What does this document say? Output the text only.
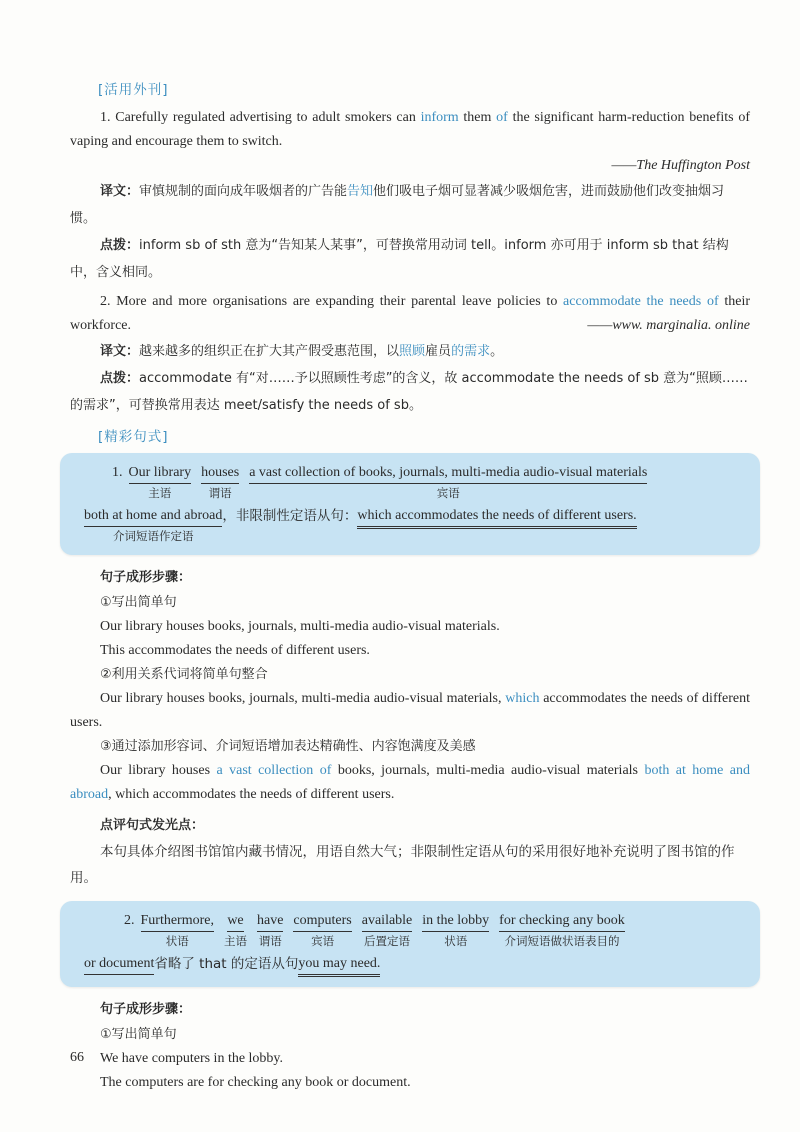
[活用外刊]

1. Carefully regulated advertising to adult smokers can inform them of the significant harm-reduction benefits of vaping and encourage them to switch.

——The Huffington Post

译文：审慎规制的面向成年吸烟者的广告能告知他们吸电子烟可显著减少吸烟危害，进而鼓励他们改变抽烟习惯。

点拨：inform sb of sth 意为“告知某人某事”，可替换常用动词 tell。inform 亦可用于 inform sb that 结构中，含义相同。

2. More and more organisations are expanding their parental leave policies to accommodate the needs of their workforce.	——www. marginalia. online

译文：越来越多的组织正在扩大其产假受惠范围，以照顾雇员的需求。

点拨：accommodate 有“对……予以照顾性考虑”的含义，故 accommodate the needs of sb 意为“照顾……的需求”，可替换常用表达 meet/satisfy the needs of sb。

[精彩句式]
1. Our library
主语
houses
谓语
a vast collection of books, journals, multi-media audio-visual materials
宾语
both at home and abroad
介词短语作定语
，非限制性定语从句： which accommodates the needs of different users.
句子成形步骤：
①写出简单句

Our library houses books, journals, multi-media audio-visual materials.

This accommodates the needs of different users.

②利用关系代词将简单句整合

Our library houses books, journals, multi-media audio-visual materials, which accommodates the needs of different users.

③通过添加形容词、介词短语增加表达精确性、内容饱满度及美感

Our library houses a vast collection of books, journals, multi-media audio-visual materials both at home and abroad, which accommodates the needs of different users.

点评句式发光点：

本句具体介绍图书馆馆内藏书情况，用语自然大气；非限制性定语从句的采用很好地补充说明了图书馆的作用。

2. Furthermore,
状语
we
主语
have
谓语
computers
宾语
available
后置定语
in the lobby
状语
for checking any book
介词短语做状语表目的
or document 省略了 that 的定语从句 you may need.
句子成形步骤：
①写出简单句

We have computers in the lobby.

The computers are for checking any book or document.

66
